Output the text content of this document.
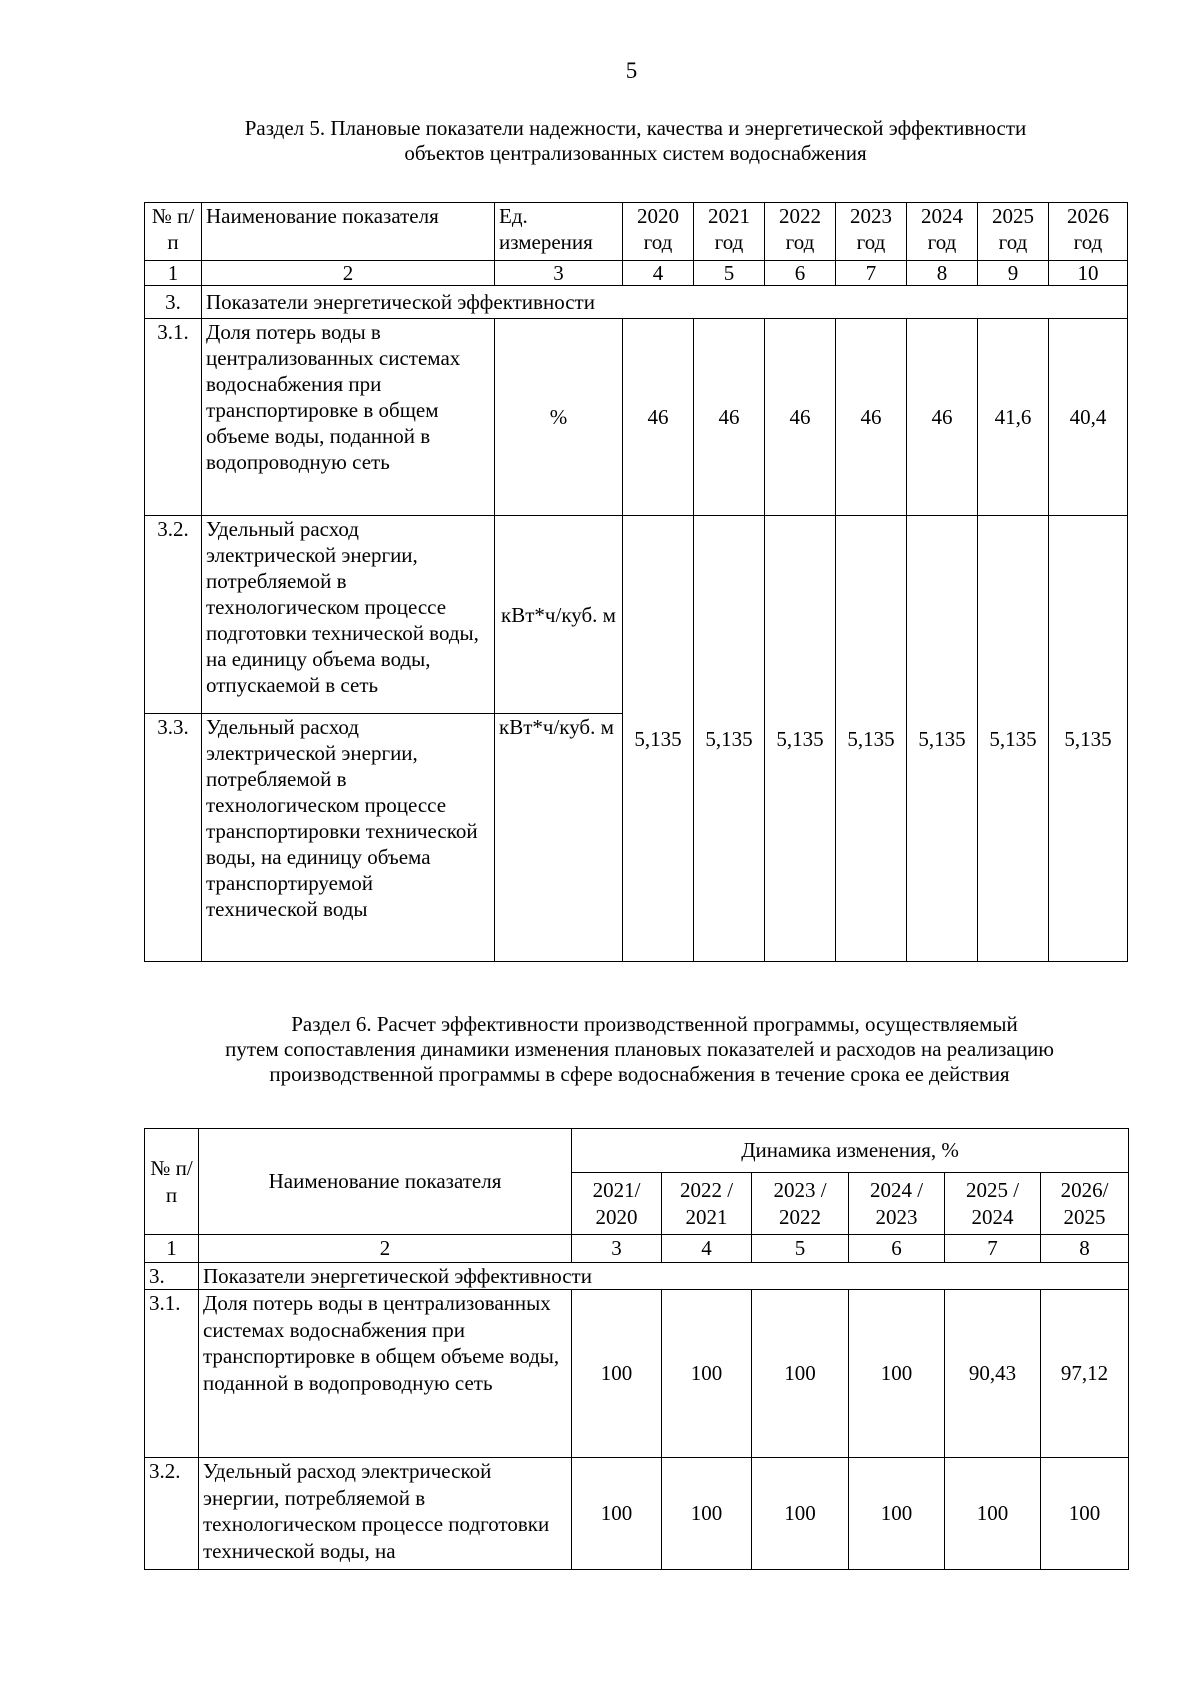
5
Раздел 5. Плановые показатели надежности, качества и энергетической эффективности
объектов централизованных систем водоснабжения
№ п/п	Наименование показателя	Ед. измерения	2020 год	2021 год	2022 год	2023 год	2024 год	2025 год	2026 год
1	2	3	4	5	6	7	8	9	10
3.	Показатели энергетической эффективности								
3.1.	Доля потерь воды в централизованных системах водоснабжения при транспортировке в общем объеме воды, поданной в водопроводную сеть	%	46	46	46	46	46	41,6	40,4
3.2.	Удельный расход электрической энергии, потребляемой в технологическом процессе подготовки технической воды, на единицу объема воды, отпускаемой в сеть	кВт*ч/куб. м	5,135	5,135	5,135	5,135	5,135	5,135	5,135
3.3.	Удельный расход электрической энергии, потребляемой в технологическом процессе транспортировки технической воды, на единицу объема транспортируемой технической воды	кВт*ч/куб. м							
Раздел 6. Расчет эффективности производственной программы, осуществляемый
путем сопоставления динамики изменения плановых показателей и расходов на реализацию
производственной программы в сфере водоснабжения в течение срока ее действия
№ п/п	Наименование показателя	Динамика изменения, %					
		2021/ 2020	2022 / 2021	2023 / 2022	2024 / 2023	2025 / 2024	2026/ 2025
1	2	3	4	5	6	7	8
3.	Показатели энергетической эффективности						
3.1.	Доля потерь воды в централизованных системах водоснабжения при транспортировке в общем объеме воды, поданной в водопроводную сеть	100	100	100	100	90,43	97,12
3.2.	Удельный расход электрической энергии, потребляемой в технологическом процессе подготовки технической воды, на	100	100	100	100	100	100
